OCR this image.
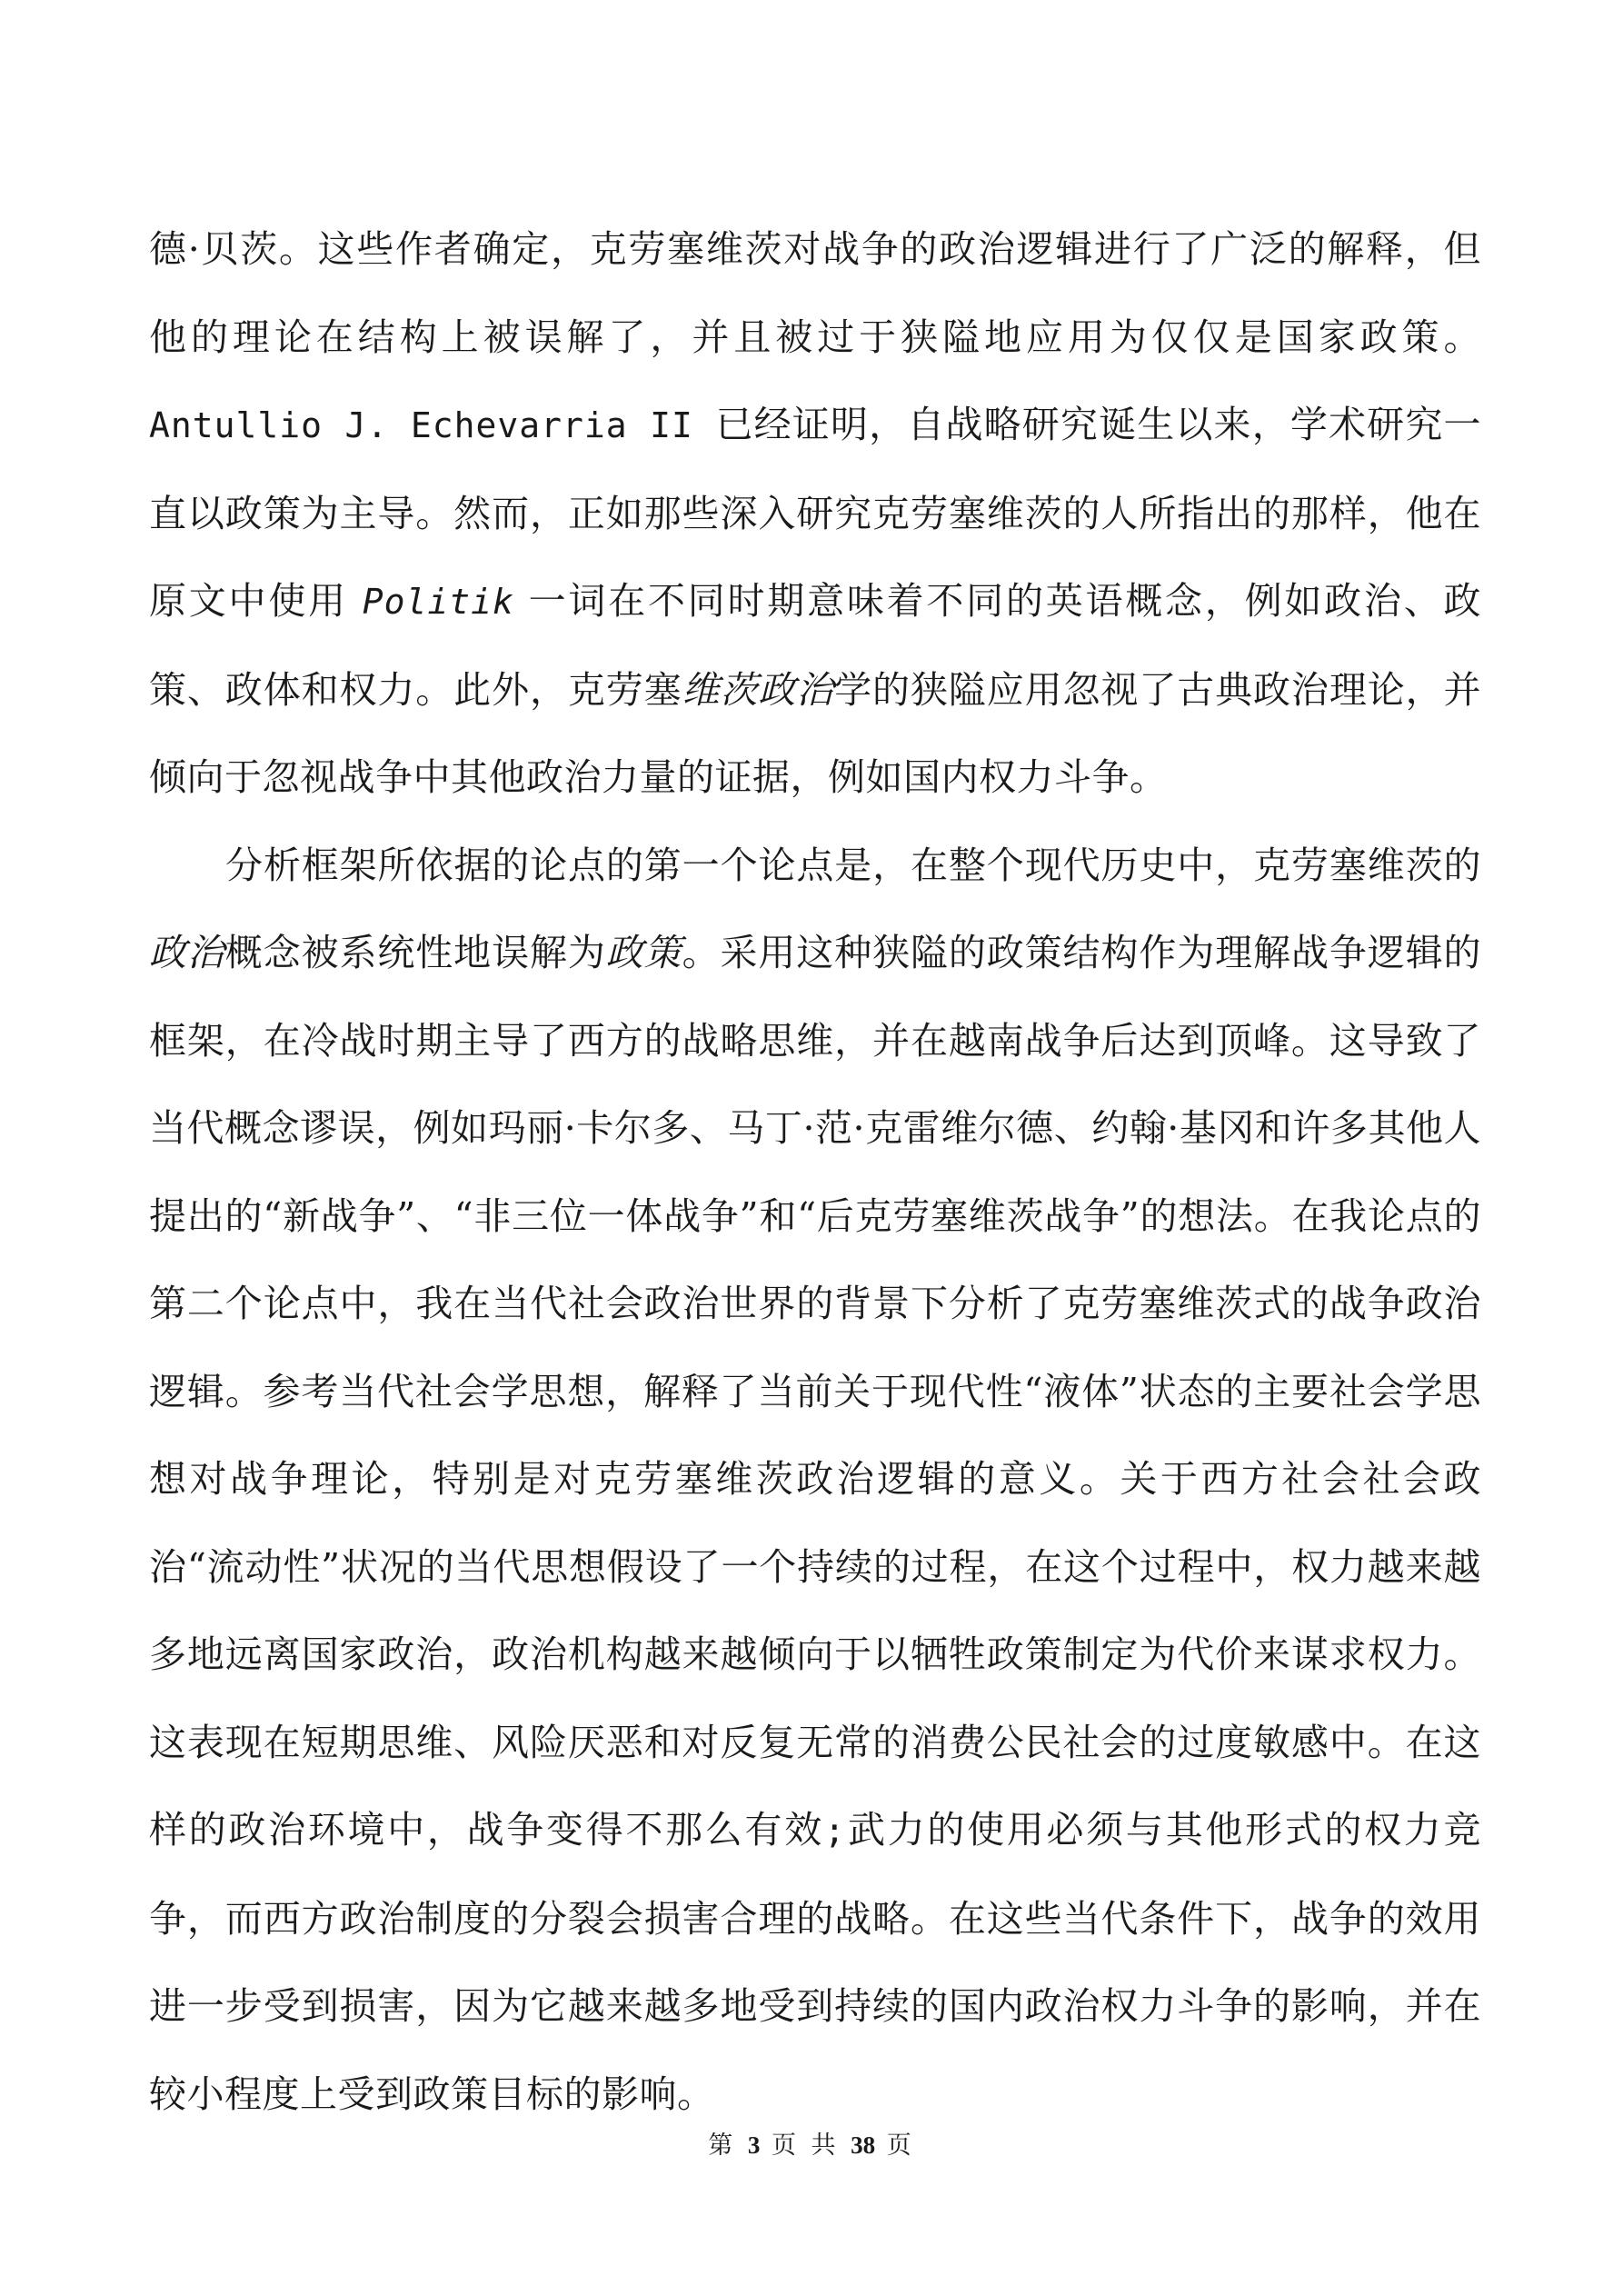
德·贝茨。这些作者确定，克劳塞维茨对战争的政治逻辑进行了广泛的解释，但他的理论在结构上被误解了，并且被过于狭隘地应用为仅仅是国家政策。Antullio J. Echevarria II 已经证明，自战略研究诞生以来，学术研究一直以政策为主导。然而，正如那些深入研究克劳塞维茨的人所指出的那样，他在原文中使用 Politik 一词在不同时期意味着不同的英语概念，例如政治、政策、政体和权力。此外，克劳塞维茨政治学的狭隘应用忽视了古典政治理论，并倾向于忽视战争中其他政治力量的证据，例如国内权力斗争。

分析框架所依据的论点的第一个论点是，在整个现代历史中，克劳塞维茨的政治概念被系统性地误解为政策。采用这种狭隘的政策结构作为理解战争逻辑的框架，在冷战时期主导了西方的战略思维，并在越南战争后达到顶峰。这导致了当代概念谬误，例如玛丽·卡尔多、马丁·范·克雷维尔德、约翰·基冈和许多其他人提出的“新战争”、“非三位一体战争”和“后克劳塞维茨战争”的想法。在我论点的第二个论点中，我在当代社会政治世界的背景下分析了克劳塞维茨式的战争政治逻辑。参考当代社会学思想，解释了当前关于现代性“液体”状态的主要社会学思想对战争理论，特别是对克劳塞维茨政治逻辑的意义。关于西方社会社会政治“流动性”状况的当代思想假设了一个持续的过程，在这个过程中，权力越来越多地远离国家政治，政治机构越来越倾向于以牺牲政策制定为代价来谋求权力。这表现在短期思维、风险厌恶和对反复无常的消费公民社会的过度敏感中。在这样的政治环境中，战争变得不那么有效;武力的使用必须与其他形式的权力竞争，而西方政治制度的分裂会损害合理的战略。在这些当代条件下，战争的效用进一步受到损害，因为它越来越多地受到持续的国内政治权力斗争的影响，并在较小程度上受到政策目标的影响。

第 3 页 共 38 页
